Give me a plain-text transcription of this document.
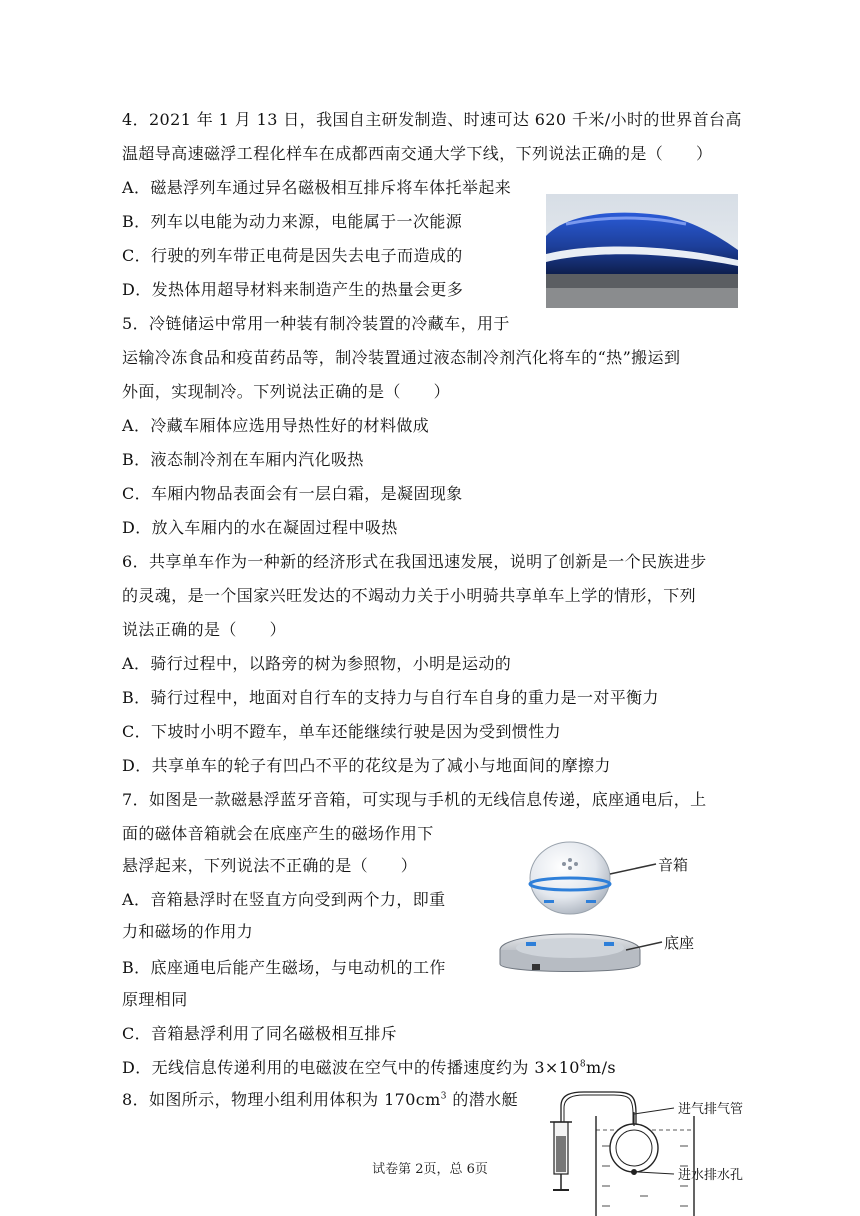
4．2021 年 1 月 13 日，我国自主研发制造、时速可达 620 千米/小时的世界首台高
温超导高速磁浮工程化样车在成都西南交通大学下线，下列说法正确的是（　　）
A．磁悬浮列车通过异名磁极相互排斥将车体托举起来
B．列车以电能为动力来源，电能属于一次能源
C．行驶的列车带正电荷是因失去电子而造成的
D．发热体用超导材料来制造产生的热量会更多
5．冷链储运中常用一种装有制冷装置的冷藏车，用于
运输冷冻食品和疫苗药品等，制冷装置通过液态制冷剂汽化将车的“热”搬运到
外面，实现制冷。下列说法正确的是（　　）
A．冷藏车厢体应选用导热性好的材料做成
B．液态制冷剂在车厢内汽化吸热
C．车厢内物品表面会有一层白霜，是凝固现象
D．放入车厢内的水在凝固过程中吸热
6．共享单车作为一种新的经济形式在我国迅速发展，说明了创新是一个民族进步
的灵魂，是一个国家兴旺发达的不竭动力关于小明骑共享单车上学的情形，下列
说法正确的是（　　）
A．骑行过程中，以路旁的树为参照物，小明是运动的
B．骑行过程中，地面对自行车的支持力与自行车自身的重力是一对平衡力
C．下坡时小明不蹬车，单车还能继续行驶是因为受到惯性力
D．共享单车的轮子有凹凸不平的花纹是为了减小与地面间的摩擦力
7．如图是一款磁悬浮蓝牙音箱，可实现与手机的无线信息传递，底座通电后，上
面的磁体音箱就会在底座产生的磁场作用下
悬浮起来，下列说法不正确的是（　　）
A．音箱悬浮时在竖直方向受到两个力，即重
力和磁场的作用力
B．底座通电后能产生磁场，与电动机的工作
原理相同
C．音箱悬浮利用了同名磁极相互排斥
D．无线信息传递利用的电磁波在空气中的传播速度约为 $3\times 10^8m/s$
音箱
底座
8．如图所示，物理小组利用体积为 $170cm^3$ 的潜水艇
进气排气管
进水排水孔
试卷第 2页，总 6页
